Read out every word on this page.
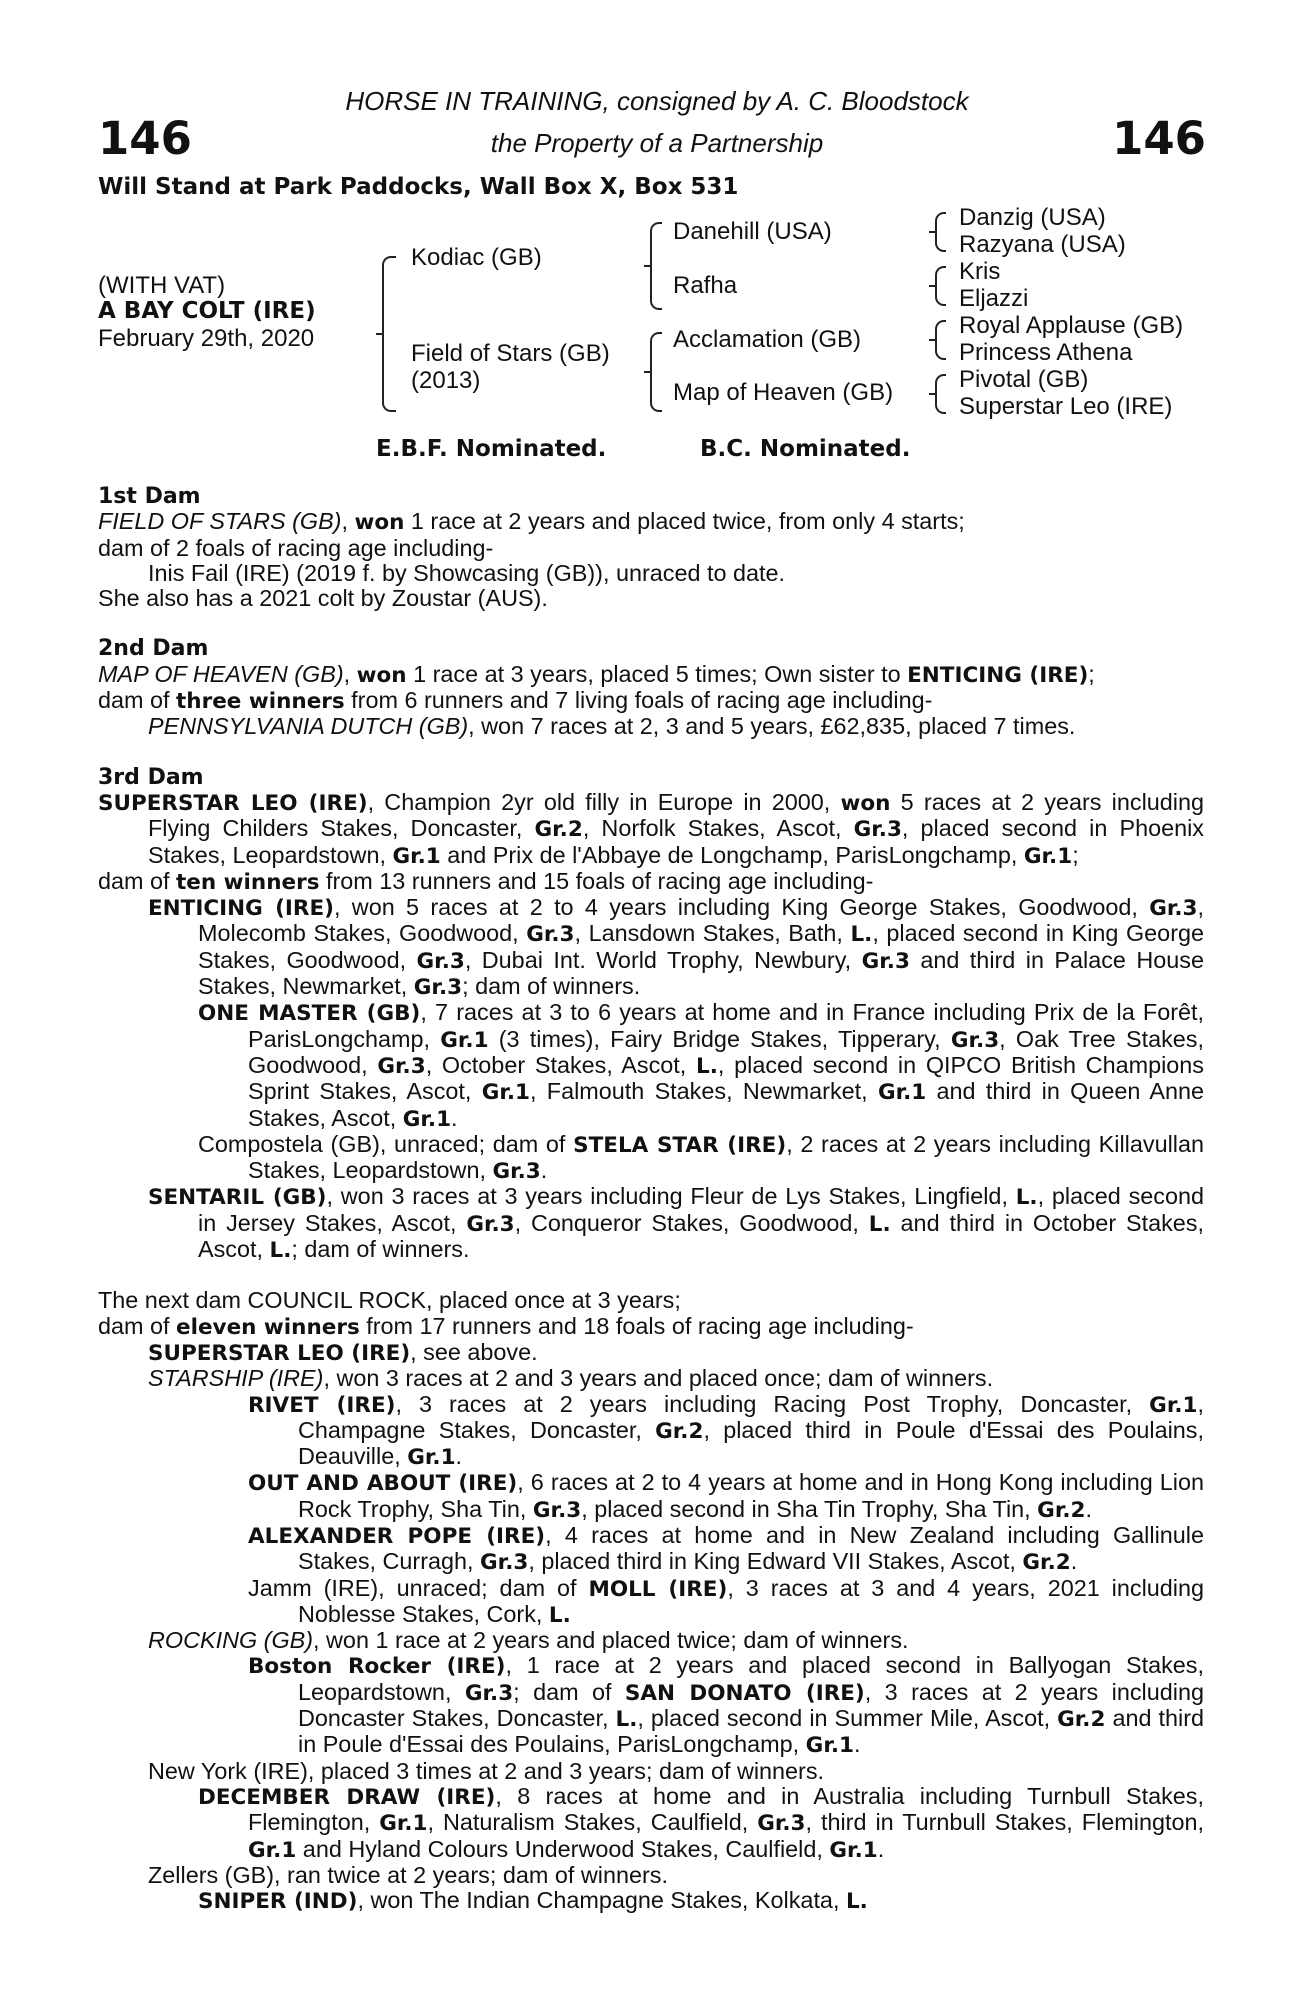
146	146
HORSE IN TRAINING, consigned by A. C. Bloodstock
the Property of a Partnership
Will Stand at Park Paddocks, Wall Box X, Box 531
(WITH VAT)
A BAY COLT (IRE)
February 29th, 2020
Kodiac (GB)
Field of Stars (GB)
(2013)
Danehill (USA)
Rafha
Acclamation (GB)
Map of Heaven (GB)
Danzig (USA)
Razyana (USA)
Kris
Eljazzi
Royal Applause (GB)
Princess Athena
Pivotal (GB)
Superstar Leo (IRE)
E.B.F. Nominated.	B.C. Nominated.
1st Dam
FIELD OF STARS (GB), won 1 race at 2 years and placed twice, from only 4 starts;
dam of 2 foals of racing age including-
Inis Fail (IRE) (2019 f. by Showcasing (GB)), unraced to date.
She also has a 2021 colt by Zoustar (AUS).
2nd Dam
MAP OF HEAVEN (GB), won 1 race at 3 years, placed 5 times; Own sister to ENTICING (IRE);
dam of three winners from 6 runners and 7 living foals of racing age including-
PENNSYLVANIA DUTCH (GB), won 7 races at 2, 3 and 5 years, £62,835, placed 7 times.
3rd Dam
SUPERSTAR LEO (IRE), Champion 2yr old filly in Europe in 2000, won 5 races at 2 years including Flying Childers Stakes, Doncaster, Gr.2, Norfolk Stakes, Ascot, Gr.3, placed second in Phoenix Stakes, Leopardstown, Gr.1 and Prix de l'Abbaye de Longchamp, ParisLongchamp, Gr.1;
dam of ten winners from 13 runners and 15 foals of racing age including-
ENTICING (IRE), won 5 races at 2 to 4 years including King George Stakes, Goodwood, Gr.3, Molecomb Stakes, Goodwood, Gr.3, Lansdown Stakes, Bath, L., placed second in King George Stakes, Goodwood, Gr.3, Dubai Int. World Trophy, Newbury, Gr.3 and third in Palace House Stakes, Newmarket, Gr.3; dam of winners.
ONE MASTER (GB), 7 races at 3 to 6 years at home and in France including Prix de la Forêt, ParisLongchamp, Gr.1 (3 times), Fairy Bridge Stakes, Tipperary, Gr.3, Oak Tree Stakes, Goodwood, Gr.3, October Stakes, Ascot, L., placed second in QIPCO British Champions Sprint Stakes, Ascot, Gr.1, Falmouth Stakes, Newmarket, Gr.1 and third in Queen Anne Stakes, Ascot, Gr.1.
Compostela (GB), unraced; dam of STELA STAR (IRE), 2 races at 2 years including Killavullan Stakes, Leopardstown, Gr.3.
SENTARIL (GB), won 3 races at 3 years including Fleur de Lys Stakes, Lingfield, L., placed second in Jersey Stakes, Ascot, Gr.3, Conqueror Stakes, Goodwood, L. and third in October Stakes, Ascot, L.; dam of winners.
The next dam COUNCIL ROCK, placed once at 3 years;
dam of eleven winners from 17 runners and 18 foals of racing age including-
SUPERSTAR LEO (IRE), see above.
STARSHIP (IRE), won 3 races at 2 and 3 years and placed once; dam of winners.
RIVET (IRE), 3 races at 2 years including Racing Post Trophy, Doncaster, Gr.1, Champagne Stakes, Doncaster, Gr.2, placed third in Poule d'Essai des Poulains, Deauville, Gr.1.
OUT AND ABOUT (IRE), 6 races at 2 to 4 years at home and in Hong Kong including Lion Rock Trophy, Sha Tin, Gr.3, placed second in Sha Tin Trophy, Sha Tin, Gr.2.
ALEXANDER POPE (IRE), 4 races at home and in New Zealand including Gallinule Stakes, Curragh, Gr.3, placed third in King Edward VII Stakes, Ascot, Gr.2.
Jamm (IRE), unraced; dam of MOLL (IRE), 3 races at 3 and 4 years, 2021 including Noblesse Stakes, Cork, L.
ROCKING (GB), won 1 race at 2 years and placed twice; dam of winners.
Boston Rocker (IRE), 1 race at 2 years and placed second in Ballyogan Stakes, Leopardstown, Gr.3; dam of SAN DONATO (IRE), 3 races at 2 years including Doncaster Stakes, Doncaster, L., placed second in Summer Mile, Ascot, Gr.2 and third in Poule d'Essai des Poulains, ParisLongchamp, Gr.1.
New York (IRE), placed 3 times at 2 and 3 years; dam of winners.
DECEMBER DRAW (IRE), 8 races at home and in Australia including Turnbull Stakes, Flemington, Gr.1, Naturalism Stakes, Caulfield, Gr.3, third in Turnbull Stakes, Flemington, Gr.1 and Hyland Colours Underwood Stakes, Caulfield, Gr.1.
Zellers (GB), ran twice at 2 years; dam of winners.
SNIPER (IND), won The Indian Champagne Stakes, Kolkata, L.
